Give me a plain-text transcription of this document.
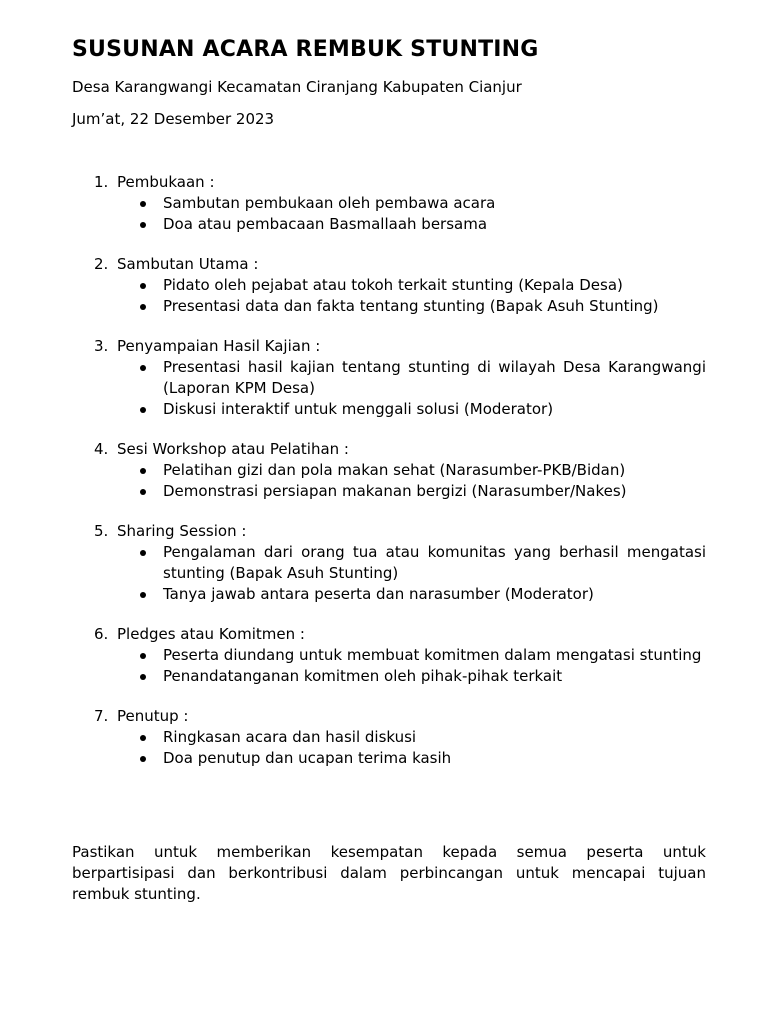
SUSUNAN ACARA REMBUK STUNTING
Desa Karangwangi Kecamatan Ciranjang Kabupaten Cianjur
Jum’at, 22 Desember 2023
1. Pembukaan :
Sambutan pembukaan oleh pembawa acara
Doa atau pembacaan Basmallaah bersama
2. Sambutan Utama :
Pidato oleh pejabat atau tokoh terkait stunting (Kepala Desa)
Presentasi data dan fakta tentang stunting (Bapak Asuh Stunting)
3. Penyampaian Hasil Kajian :
Presentasi hasil kajian tentang stunting di wilayah Desa Karangwangi (Laporan KPM Desa)
Diskusi interaktif untuk menggali solusi (Moderator)
4. Sesi Workshop atau Pelatihan :
Pelatihan gizi dan pola makan sehat (Narasumber-PKB/Bidan)
Demonstrasi persiapan makanan bergizi (Narasumber/Nakes)
5. Sharing Session :
Pengalaman dari orang tua atau komunitas yang berhasil mengatasi stunting (Bapak Asuh Stunting)
Tanya jawab antara peserta dan narasumber (Moderator)
6. Pledges atau Komitmen :
Peserta diundang untuk membuat komitmen dalam mengatasi stunting
Penandatanganan komitmen oleh pihak-pihak terkait
7. Penutup :
Ringkasan acara dan hasil diskusi
Doa penutup dan ucapan terima kasih
Pastikan untuk memberikan kesempatan kepada semua peserta untuk berpartisipasi dan berkontribusi dalam perbincangan untuk mencapai tujuan rembuk stunting.
